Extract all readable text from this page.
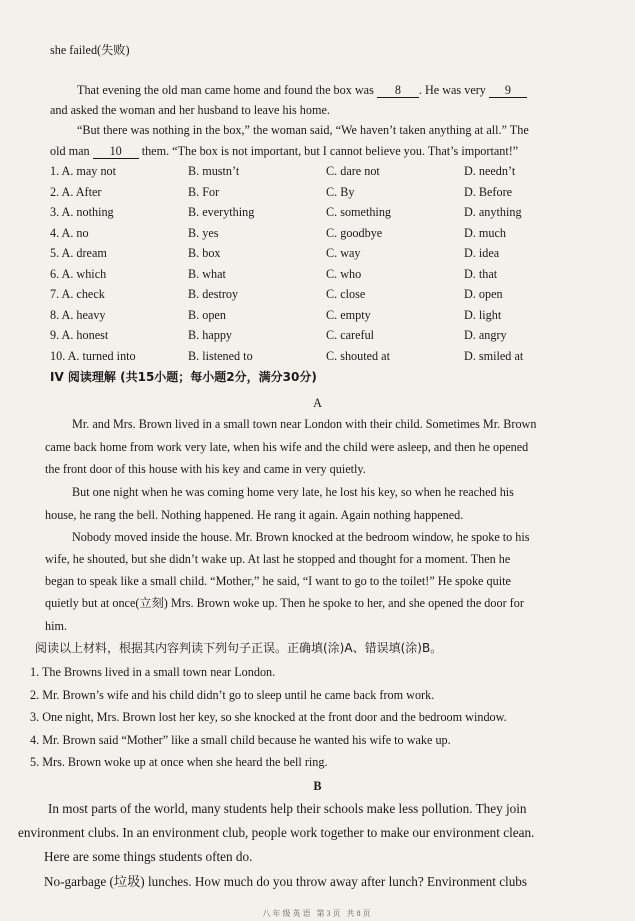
she failed(失败)
That evening the old man came home and found the box was 8 . He was very 9
and asked the woman and her husband to leave his home.
“But there was nothing in the box,” the woman said, “We haven’t taken anything at all.” The
old man 10 them. “The box is not important, but I cannot believe you. That’s important!”
1. A. may not	B. mustn’t	C. dare not	D. needn’t
2. A. After	B. For	C. By	D. Before
3. A. nothing	B. everything	C. something	D. anything
4. A. no	B. yes	C. goodbye	D. much
5. A. dream	B. box	C. way	D. idea
6. A. which	B. what	C. who	D. that
7. A. check	B. destroy	C. close	D. open
8. A. heavy	B. open	C. empty	D. light
9. A. honest	B. happy	C. careful	D. angry
10. A. turned into	B. listened to	C. shouted at	D. smiled at
IV 阅读理解 (共15小题；每小题2分，满分30分)
A
Mr. and Mrs. Brown lived in a small town near London with their child. Sometimes Mr. Brown
came back home from work very late, when his wife and the child were asleep, and then he opened
the front door of this house with his key and came in very quietly.
But one night when he was coming home very late, he lost his key, so when he reached his
house, he rang the bell. Nothing happened. He rang it again. Again nothing happened.
Nobody moved inside the house. Mr. Brown knocked at the bedroom window, he spoke to his
wife, he shouted, but she didn’t wake up. At last he stopped and thought for a moment. Then he
began to speak like a small child. “Mother,” he said, “I want to go to the toilet!” He spoke quite
quietly but at once(立刻) Mrs. Brown woke up. Then he spoke to her, and she opened the door for
him.
阅读以上材料，根据其内容判读下列句子正误。正确填(涂)A、错误填(涂)B。
1. The Browns lived in a small town near London.
2. Mr. Brown’s wife and his child didn’t go to sleep until he came back from work.
3. One night, Mrs. Brown lost her key, so she knocked at the front door and the bedroom window.
4. Mr. Brown said “Mother” like a small child because he wanted his wife to wake up.
5. Mrs. Brown woke up at once when she heard the bell ring.
B
In most parts of the world, many students help their schools make less pollution. They join
environment clubs. In an environment club, people work together to make our environment clean.
Here are some things students often do.
No-garbage (垃圾) lunches. How much do you throw away after lunch? Environment clubs
八年级英语 第3页 共8页
